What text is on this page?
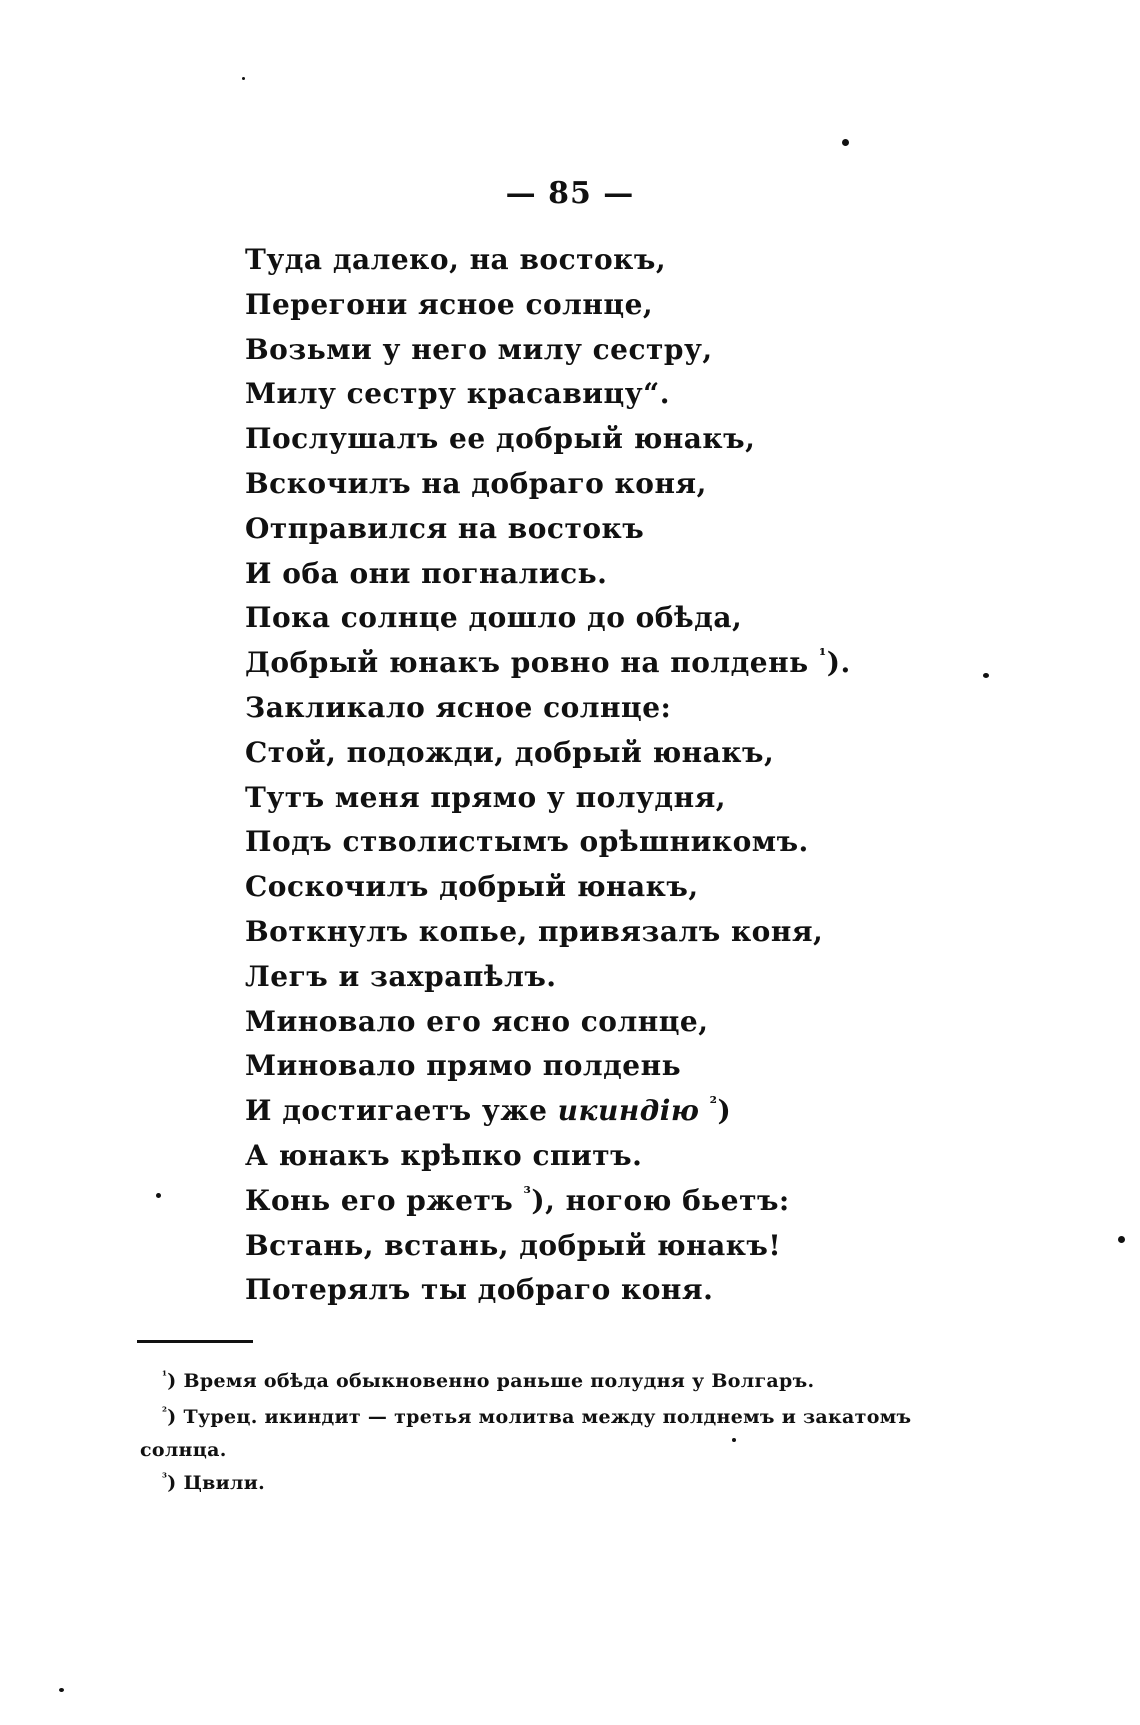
— 85 —
Туда далеко, на востокъ,
Перегони ясное солнце,
Возьми у него милу сестру,
Милу сестру красавицу“.
Послушалъ ее добрый юнакъ,
Вскочилъ на добраго коня,
Отправился на востокъ
И оба они погнались.
Пока солнце дошло до обѣда,
Добрый юнакъ ровно на полдень $^{^1}$).
Закликало ясное солнце:
Стой, подожди, добрый юнакъ,
Тутъ меня прямо у полудня,
Подъ стволистымъ орѣшникомъ.
Соскочилъ добрый юнакъ,
Воткнулъ копье, привязалъ коня,
Легъ и захрапѣлъ.
Миновало его ясно солнце,
Миновало прямо полдень
И достигаетъ уже икиндію $^{^2}$)
А юнакъ крѣпко спитъ.
Конь его ржетъ $^{^3}$), ногою бьетъ:
Встань, встань, добрый юнакъ!
Потерялъ ты добраго коня.
$^{^1}$) Время обѣда обыкновенно раньше полудня у Волгаръ.
$^{^2}$) Турец. икиндит — третья молитва между полднемъ и закатомъ
солнца.
$^{^3}$) Цвили.
